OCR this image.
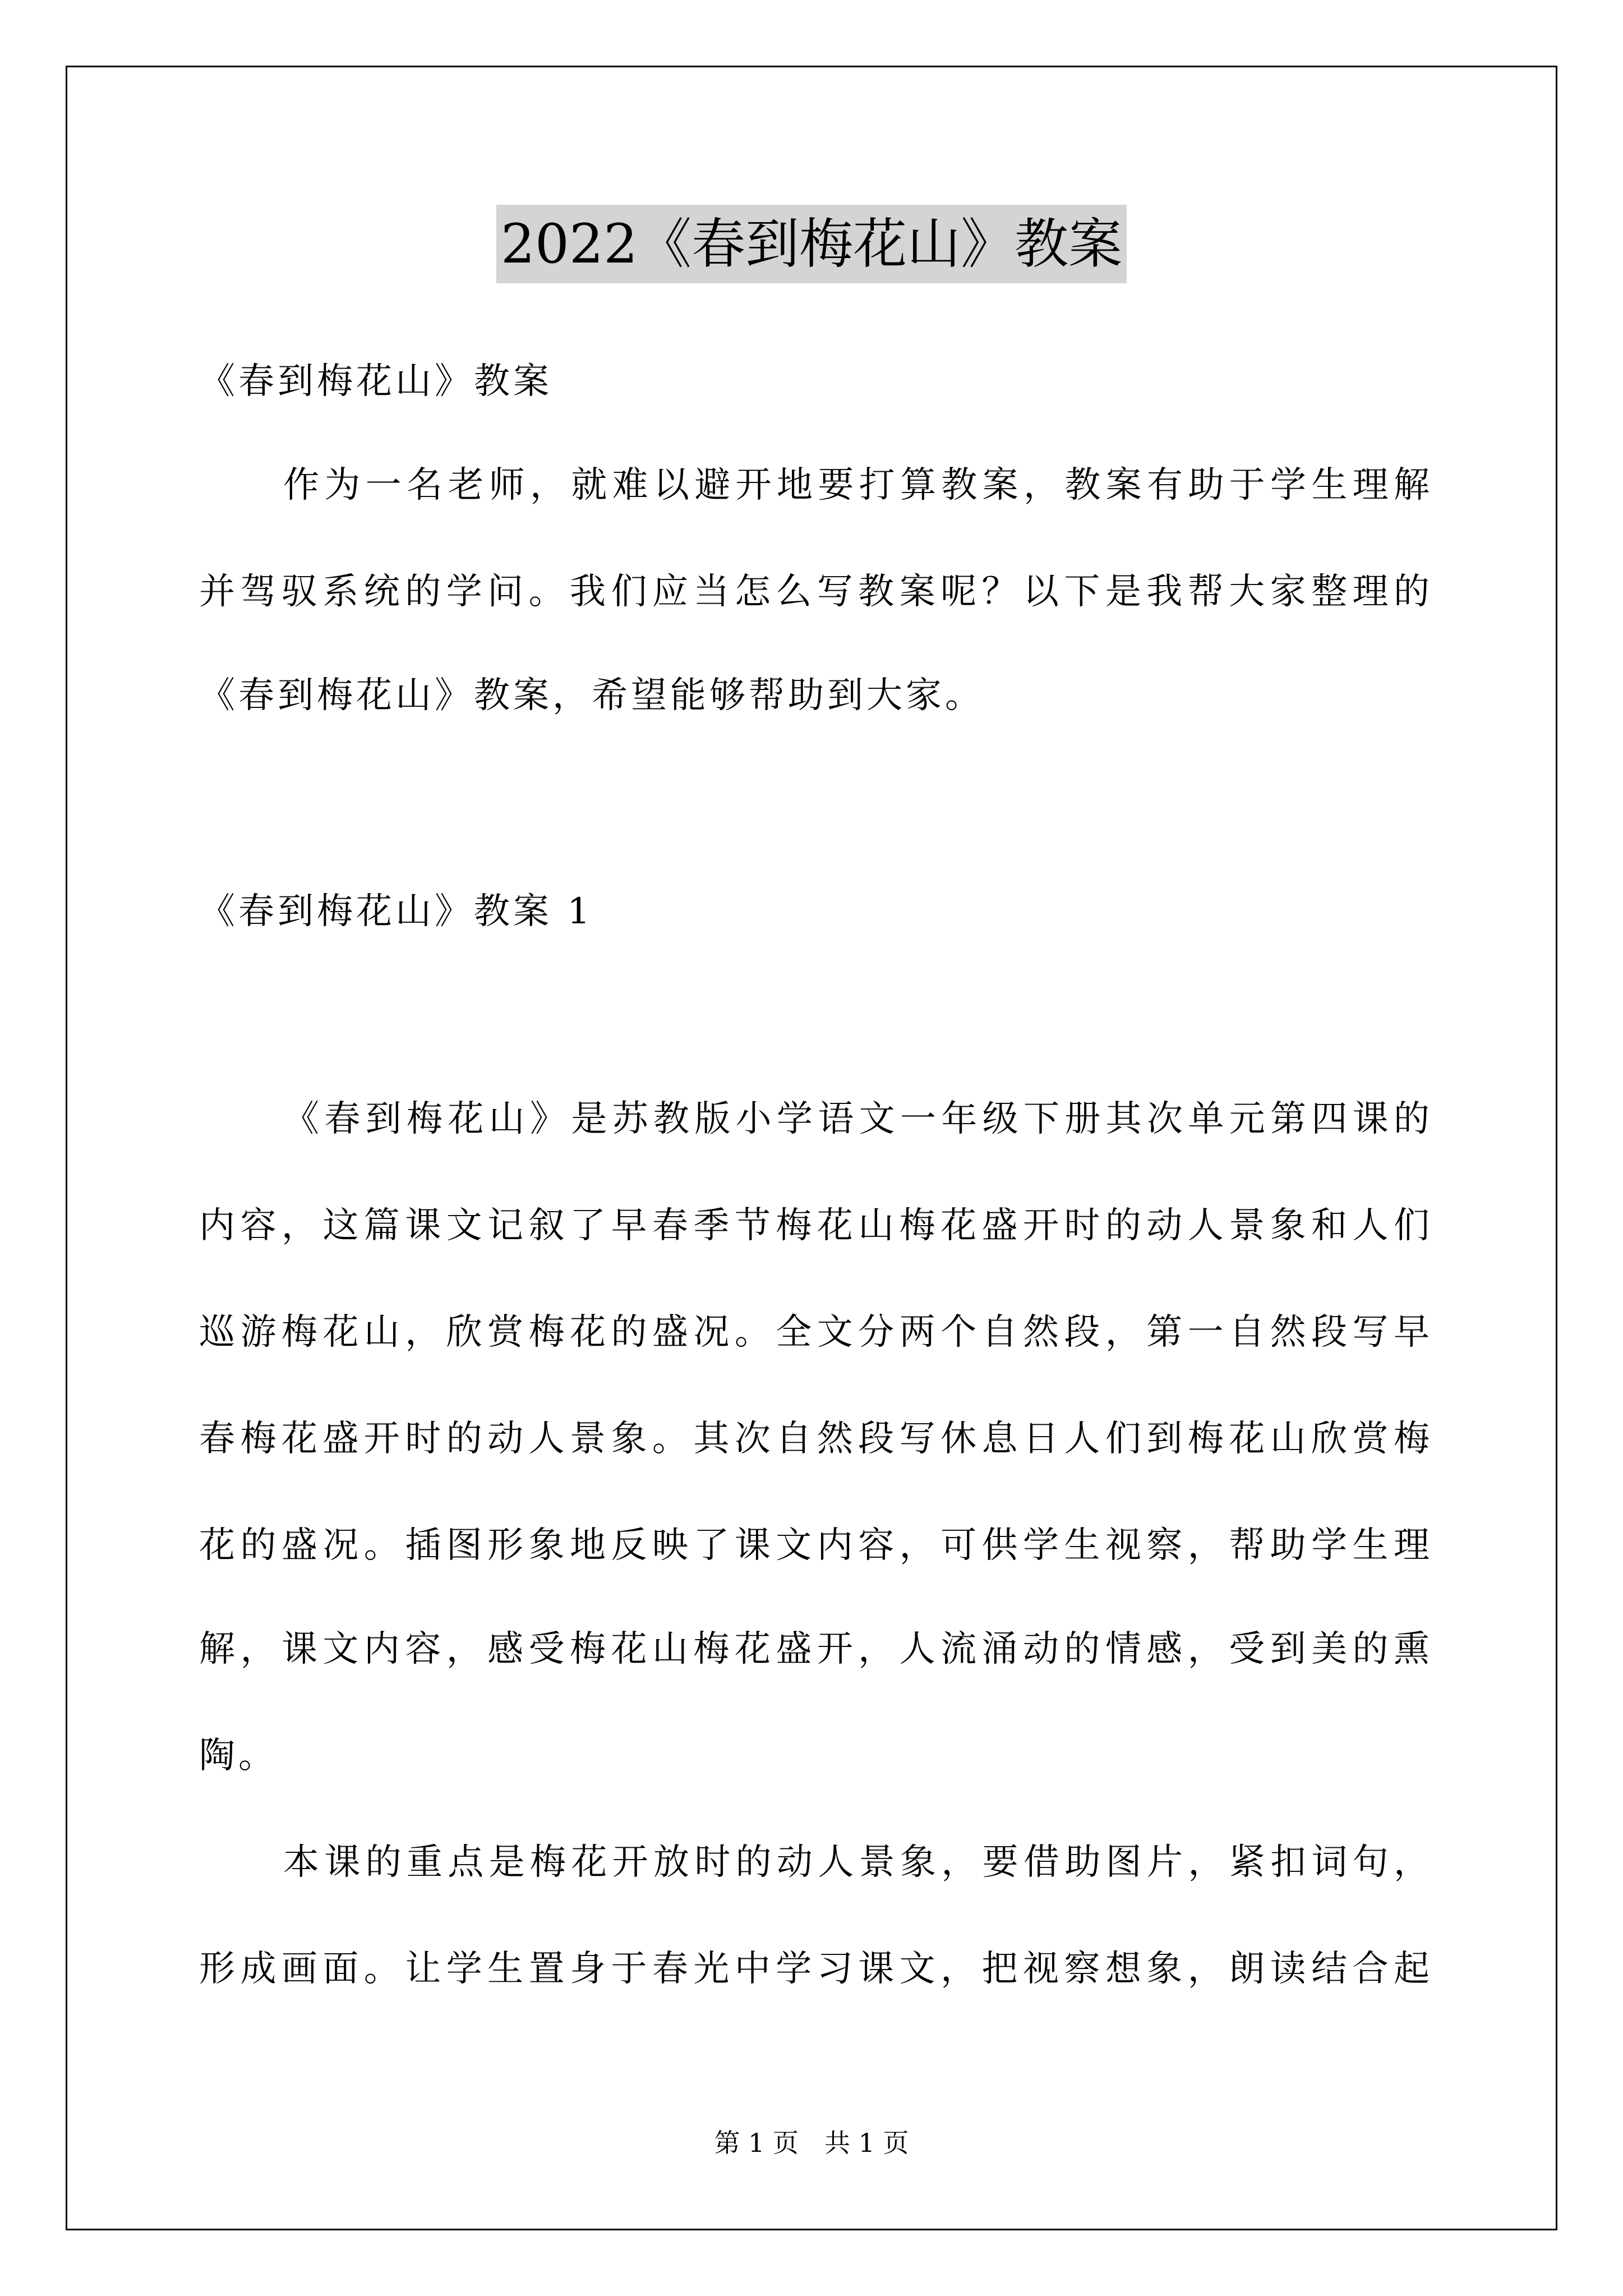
2022《春到梅花山》教案
《春到梅花山》教案
作为一名老师，就难以避开地要打算教案，教案有助于学生理解
并驾驭系统的学问。我们应当怎么写教案呢？以下是我帮大家整理的
《春到梅花山》教案，希望能够帮助到大家。
《春到梅花山》教案 1
《春到梅花山》是苏教版小学语文一年级下册其次单元第四课的
内容，这篇课文记叙了早春季节梅花山梅花盛开时的动人景象和人们
巡游梅花山，欣赏梅花的盛况。全文分两个自然段，第一自然段写早
春梅花盛开时的动人景象。其次自然段写休息日人们到梅花山欣赏梅
花的盛况。插图形象地反映了课文内容，可供学生视察，帮助学生理
解，课文内容，感受梅花山梅花盛开，人流涌动的情感，受到美的熏
陶。
本课的重点是梅花开放时的动人景象，要借助图片，紧扣词句，
形成画面。让学生置身于春光中学习课文，把视察想象，朗读结合起
第 1 页　共 1 页
